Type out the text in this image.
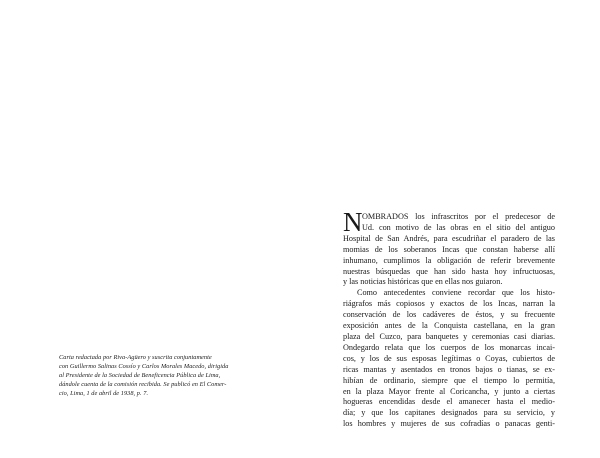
Carta redactada por Riva-Agüero y suscrita conjuntamente
con Guillermo Salinas Cossío y Carlos Morales Macedo, dirigida
al Presidente de la Sociedad de Beneficencia Pública de Lima,
dándole cuenta de la comisión recibida. Se publicó en El Comer-
cio, Lima, 1 de abril de 1938, p. 7.
N OMBRADOS los infrascritos por el predecesor de
Ud. con motivo de las obras en el sitio del antiguo
Hospital de San Andrés, para escudriñar el paradero de las
momias de los soberanos Incas que constan haberse allí
inhumano, cumplimos la obligación de referir brevemente
nuestras búsquedas que han sido hasta hoy infructuosas,
y las noticias históricas que en ellas nos guiaron.
Como antecedentes conviene recordar que los histo-
riágrafos más copiosos y exactos de los Incas, narran la
conservación de los cadáveres de éstos, y su frecuente
exposición antes de la Conquista castellana, en la gran
plaza del Cuzco, para banquetes y ceremonias casi diarias.
Ondegardo relata que los cuerpos de los monarcas incai-
cos, y los de sus esposas legítimas o Coyas, cubiertos de
ricas mantas y asentados en tronos bajos o tianas, se ex-
hibían de ordinario, siempre que el tiempo lo permitía,
en la plaza Mayor frente al Coricancha, y junto a ciertas
hogueras encendidas desde el amanecer hasta el medio-
día; y que los capitanes designados para su servicio, y
los hombres y mujeres de sus cofradías o panacas genti-
